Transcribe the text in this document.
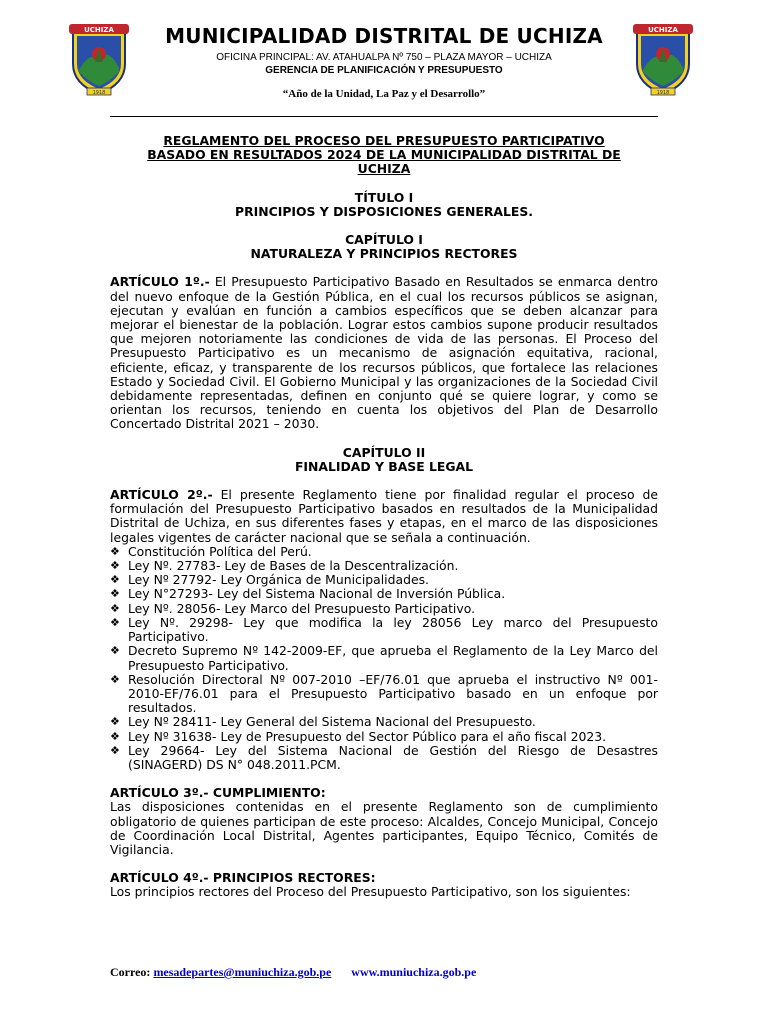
UCHIZA
1918
UCHIZA
1918
MUNICIPALIDAD DISTRITAL DE UCHIZA
OFICINA PRINCIPAL: AV. ATAHUALPA Nº 750 – PLAZA MAYOR – UCHIZA
GERENCIA DE PLANIFICACIÓN Y PRESUPUESTO
“Año de la Unidad, La Paz y el Desarrollo”
REGLAMENTO DEL PROCESO DEL PRESUPUESTO PARTICIPATIVO
BASADO EN RESULTADOS 2024 DE LA MUNICIPALIDAD DISTRITAL DE
UCHIZA
TÍTULO I
PRINCIPIOS Y DISPOSICIONES GENERALES.
CAPÍTULO I
NATURALEZA Y PRINCIPIOS RECTORES
ARTÍCULO 1º.- El Presupuesto Participativo Basado en Resultados se enmarca dentro del nuevo enfoque de la Gestión Pública, en el cual los recursos públicos se asignan, ejecutan y evalúan en función a cambios específicos que se deben alcanzar para mejorar el bienestar de la población. Lograr estos cambios supone producir resultados que mejoren notoriamente las condiciones de vida de las personas. El Proceso del Presupuesto Participativo es un mecanismo de asignación equitativa, racional, eficiente, eficaz, y transparente de los recursos públicos, que fortalece las relaciones Estado y Sociedad Civil. El Gobierno Municipal y las organizaciones de la Sociedad Civil debidamente representadas, definen en conjunto qué se quiere lograr, y como se orientan los recursos, teniendo en cuenta los objetivos del Plan de Desarrollo Concertado Distrital 2021 – 2030.
CAPÍTULO II
FINALIDAD Y BASE LEGAL
ARTÍCULO 2º.- El presente Reglamento tiene por finalidad regular el proceso de formulación del Presupuesto Participativo basados en resultados de la Municipalidad Distrital de Uchiza, en sus diferentes fases y etapas, en el marco de las disposiciones legales vigentes de carácter nacional que se señala a continuación.
❖ Constitución Política del Perú.
❖ Ley Nº. 27783- Ley de Bases de la Descentralización.
❖ Ley Nº 27792- Ley Orgánica de Municipalidades.
❖ Ley N°27293- Ley del Sistema Nacional de Inversión Pública.
❖ Ley Nº. 28056- Ley Marco del Presupuesto Participativo.
❖ Ley Nº. 29298- Ley que modifica la ley 28056 Ley marco del Presupuesto Participativo.
❖ Decreto Supremo Nº 142-2009-EF, que aprueba el Reglamento de la Ley Marco del Presupuesto Participativo.
❖ Resolución Directoral Nº 007-2010 –EF/76.01 que aprueba el instructivo Nº 001-2010-EF/76.01 para el Presupuesto Participativo basado en un enfoque por resultados.
❖ Ley Nº 28411- Ley General del Sistema Nacional del Presupuesto.
❖ Ley Nº 31638- Ley de Presupuesto del Sector Público para el año fiscal 2023.
❖ Ley 29664- Ley del Sistema Nacional de Gestión del Riesgo de Desastres (SINAGERD) DS N° 048.2011.PCM.
ARTÍCULO 3º.- CUMPLIMIENTO:
Las disposiciones contenidas en el presente Reglamento son de cumplimiento obligatorio de quienes participan de este proceso: Alcaldes, Concejo Municipal, Concejo de Coordinación Local Distrital, Agentes participantes, Equipo Técnico, Comités de Vigilancia.
ARTÍCULO 4º.- PRINCIPIOS RECTORES:
Los principios rectores del Proceso del Presupuesto Participativo, son los siguientes:
Correo: mesadepartes@muniuchiza.gob.pe www.muniuchiza.gob.pe
